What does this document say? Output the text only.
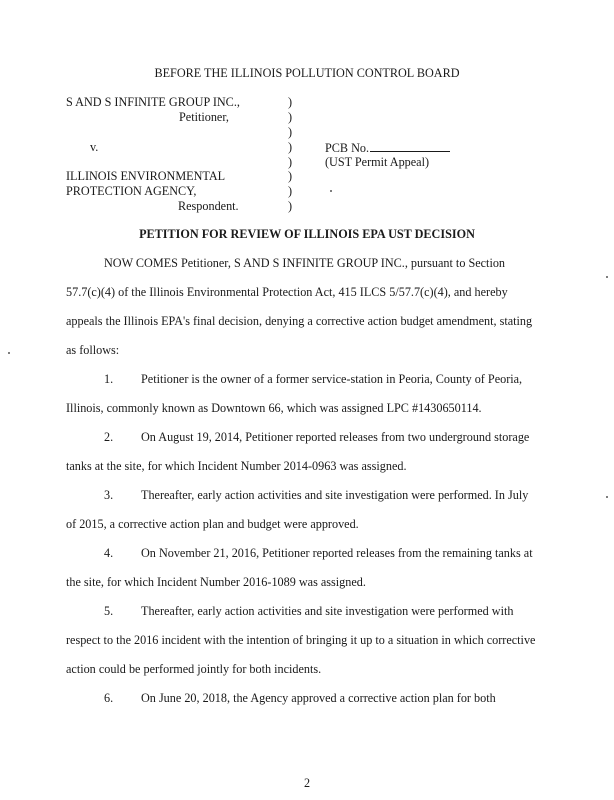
BEFORE THE ILLINOIS POLLUTION CONTROL BOARD
S AND S INFINITE GROUP INC.,
Petitioner,
v.
ILLINOIS ENVIRONMENTAL
PROTECTION AGENCY,
Respondent.
)
)
)
)
)
)
)
)
PCB No.
(UST Permit Appeal)
PETITION FOR REVIEW OF ILLINOIS EPA UST DECISION
NOW COMES Petitioner, S AND S INFINITE GROUP INC., pursuant to Section
57.7(c)(4) of the Illinois Environmental Protection Act, 415 ILCS 5/57.7(c)(4), and hereby
appeals the Illinois EPA's final decision, denying a corrective action budget amendment, stating
as follows:
1. Petitioner is the owner of a former service-station in Peoria, County of Peoria,
Illinois, commonly known as Downtown 66, which was assigned LPC #1430650114.
2. On August 19, 2014, Petitioner reported releases from two underground storage
tanks at the site, for which Incident Number 2014-0963 was assigned.
3. Thereafter, early action activities and site investigation were performed. In July
of 2015, a corrective action plan and budget were approved.
4. On November 21, 2016, Petitioner reported releases from the remaining tanks at
the site, for which Incident Number 2016-1089 was assigned.
5. Thereafter, early action activities and site investigation were performed with
respect to the 2016 incident with the intention of bringing it up to a situation in which corrective
action could be performed jointly for both incidents.
6. On June 20, 2018, the Agency approved a corrective action plan for both
2
